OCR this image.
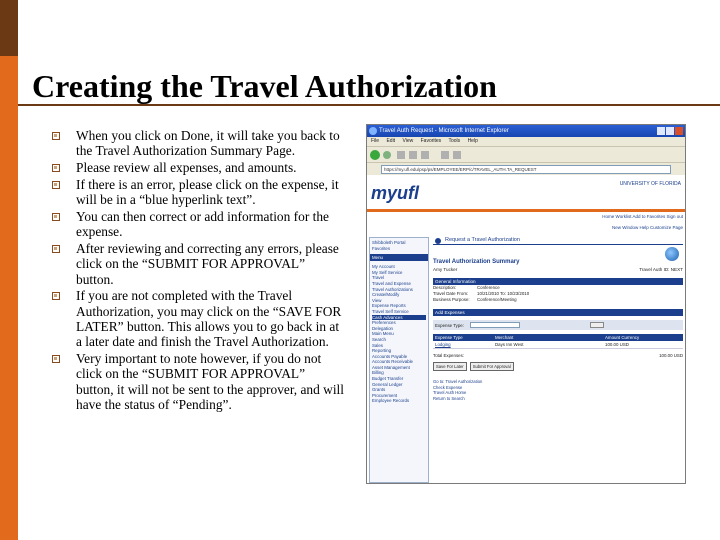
Creating the Travel Authorization
When you click on Done, it will take you back to the Travel Authorization Summary Page.
Please review all expenses, and amounts.
If there is an error, please click on the expense, it will be in a “blue hyperlink text”.
You can then correct or add information for the expense.
After reviewing and correcting any errors, please click on the “SUBMIT FOR APPROVAL” button.
If you are not completed with the Travel Authorization, you may click on the “SAVE FOR LATER” button. This allows you to go back in at a later date and finish the Travel Authorization.
Very important to note however, if you do not click on the “SUBMIT FOR APPROVAL” button, it will not be sent to the approver, and will have the status of “Pending”.
Travel Auth Request - Microsoft Internet Explorer
File Edit View Favorites Tools Help
https://my.ufl.edu/psp/ps/EMPLOYEE/ERP/c/TRAVEL_AUTH.TA_REQUEST
myufl	UNIVERSITY OF FLORIDA
Home Worklist Add to Favorites Sign out
New Window Help Customize Page
Shibboleth Portal
Favorites
Menu
My Account
My Self Service
Travel
Travel and Expense
Travel Authorizations
Create/Modify
View
Expense Reports
Travel Self Service
Cash Advances
Preferences
Delegation
Main Menu
Search
Sales
Reporting
Accounts Payable
Accounts Receivable
Asset Management
Billing
Budget Transfer
General Ledger
Grants
Procurement
Employee Records
Request a Travel Authorization
Travel Authorization Summary
Amy Tucker	Travel Auth ID: NEXT
General Information
Description:	Conference
Travel Date From:	10/21/2010 To: 10/23/2010
Business Purpose:	Conference/Meeting
Add Expenses
Expense Type:
Expense Type	Merchant	Amount Currency
Lodging	Days Inn West	100.00 USD
Total Expenses:	100.00 USD
Save For Later	Submit For Approval
Go to: Travel Authorization
Check Expense
Travel Auth Home
Return to Search
